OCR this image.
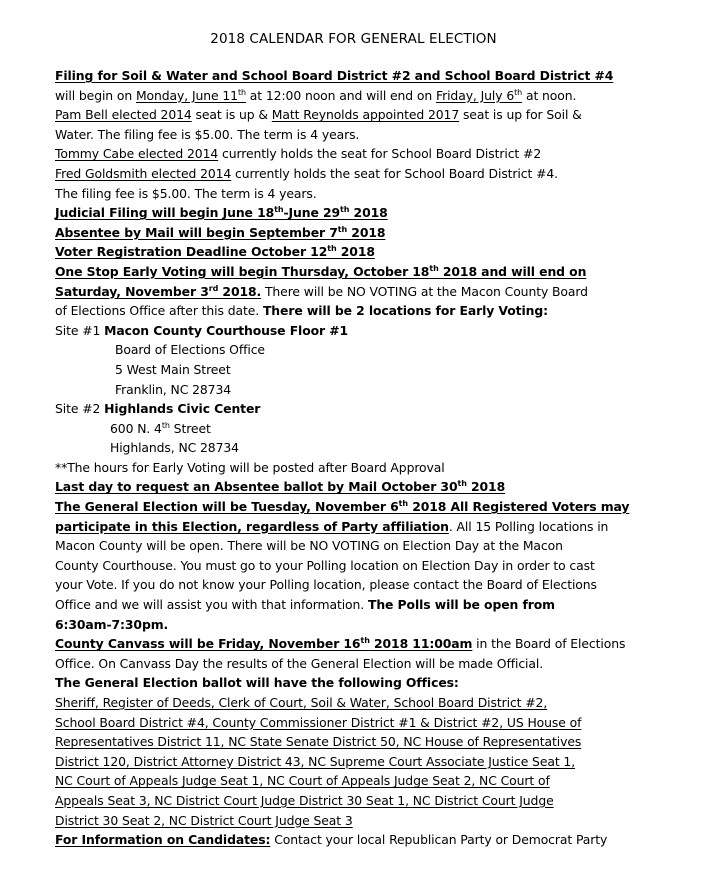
2018 CALENDAR FOR GENERAL ELECTION
Filing for Soil & Water and School Board District #2 and School Board District #4
will begin on Monday, June 11th at 12:00 noon and will end on Friday, July 6th at noon.
Pam Bell elected 2014 seat is up & Matt Reynolds appointed 2017 seat is up for Soil &
Water. The filing fee is $5.00. The term is 4 years.
Tommy Cabe elected 2014 currently holds the seat for School Board District #2
Fred Goldsmith elected 2014 currently holds the seat for School Board District #4.
The filing fee is $5.00. The term is 4 years.
Judicial Filing will begin June 18th-June 29th 2018
Absentee by Mail will begin September 7th 2018
Voter Registration Deadline October 12th 2018
One Stop Early Voting will begin Thursday, October 18th 2018 and will end on
Saturday, November 3rd 2018. There will be NO VOTING at the Macon County Board
of Elections Office after this date. There will be 2 locations for Early Voting:
Site #1 Macon County Courthouse Floor #1
Board of Elections Office
5 West Main Street
Franklin, NC 28734
Site #2 Highlands Civic Center
600 N. 4th Street
Highlands, NC 28734
**The hours for Early Voting will be posted after Board Approval
Last day to request an Absentee ballot by Mail October 30th 2018
The General Election will be Tuesday, November 6th 2018 All Registered Voters may
participate in this Election, regardless of Party affiliation. All 15 Polling locations in
Macon County will be open. There will be NO VOTING on Election Day at the Macon
County Courthouse. You must go to your Polling location on Election Day in order to cast
your Vote. If you do not know your Polling location, please contact the Board of Elections
Office and we will assist you with that information. The Polls will be open from
6:30am-7:30pm.
County Canvass will be Friday, November 16th 2018 11:00am in the Board of Elections
Office. On Canvass Day the results of the General Election will be made Official.
The General Election ballot will have the following Offices:
Sheriff, Register of Deeds, Clerk of Court, Soil & Water, School Board District #2,
School Board District #4, County Commissioner District #1 & District #2, US House of
Representatives District 11, NC State Senate District 50, NC House of Representatives
District 120, District Attorney District 43, NC Supreme Court Associate Justice Seat 1,
NC Court of Appeals Judge Seat 1, NC Court of Appeals Judge Seat 2, NC Court of
Appeals Seat 3, NC District Court Judge District 30 Seat 1, NC District Court Judge
District 30 Seat 2, NC District Court Judge Seat 3
For Information on Candidates: Contact your local Republican Party or Democrat Party
